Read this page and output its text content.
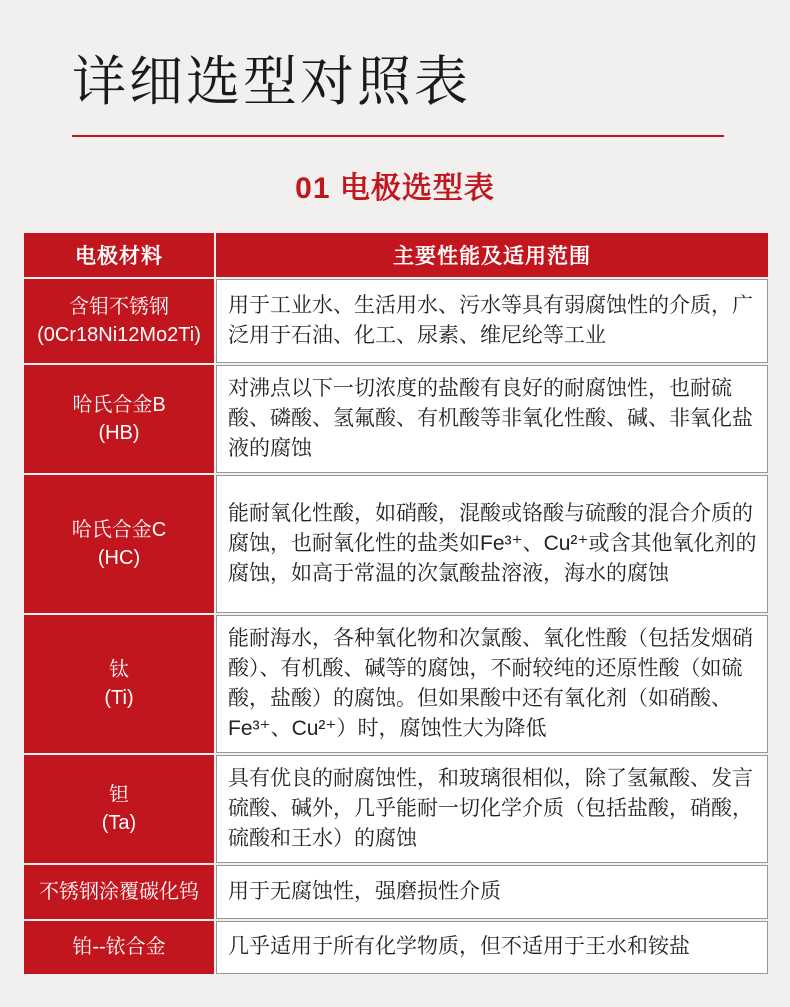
详细选型对照表
01 电极选型表
电极材料	主要性能及适用范围
含钼不锈钢
(0Cr18Ni12Mo2Ti)	用于工业水、生活用水、污水等具有弱腐蚀性的介质，广泛用于石油、化工、尿素、维尼纶等工业
哈氏合金B
(HB)	对沸点以下一切浓度的盐酸有良好的耐腐蚀性，也耐硫酸、磷酸、氢氟酸、有机酸等非氧化性酸、碱、非氧化盐液的腐蚀
哈氏合金C
(HC)	能耐氧化性酸，如硝酸，混酸或铬酸与硫酸的混合介质的腐蚀，也耐氧化性的盐类如Fe³⁺、Cu²⁺或含其他氧化剂的腐蚀，如高于常温的次氯酸盐溶液，海水的腐蚀
钛
(Ti)	能耐海水，各种氧化物和次氯酸、氧化性酸（包括发烟硝酸）、有机酸、碱等的腐蚀，不耐较纯的还原性酸（如硫酸，盐酸）的腐蚀。但如果酸中还有氧化剂（如硝酸、Fe³⁺、Cu²⁺）时，腐蚀性大为降低
钽
(Ta)	具有优良的耐腐蚀性，和玻璃很相似，除了氢氟酸、发言硫酸、碱外，几乎能耐一切化学介质（包括盐酸，硝酸，硫酸和王水）的腐蚀
不锈钢涂覆碳化钨	用于无腐蚀性，强磨损性介质
铂--铱合金	几乎适用于所有化学物质，但不适用于王水和铵盐
